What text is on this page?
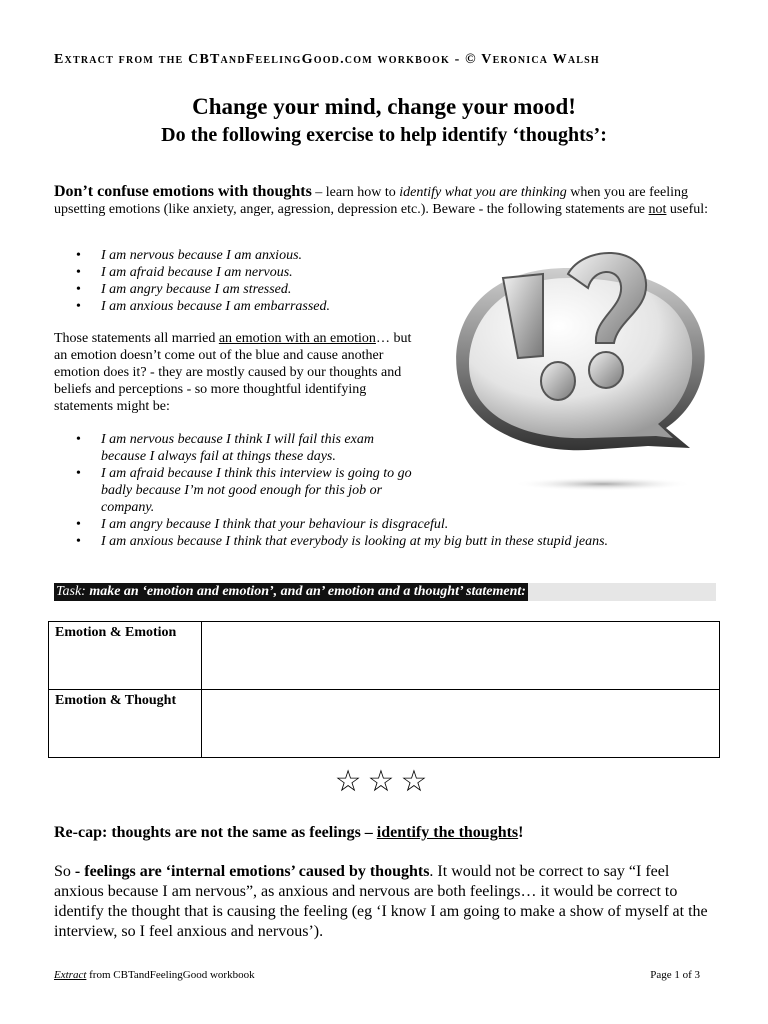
Extract from the CBTandFeelingGood.com workbook - © Veronica Walsh
Change your mind, change your mood!
Do the following exercise to help identify ‘thoughts’:
Don’t confuse emotions with thoughts – learn how to identify what you are thinking when you are feeling upsetting emotions (like anxiety, anger, agression, depression etc.). Beware - the following statements are not useful:
• I am nervous because I am anxious.
• I am afraid because I am nervous.
• I am angry because I am stressed.
• I am anxious because I am embarrassed.
Those statements all married an emotion with an emotion… but an emotion doesn’t come out of the blue and cause another emotion does it? - they are mostly caused by our thoughts and beliefs and perceptions - so more thoughtful identifying statements might be:
• I am nervous because I think I will fail this exam because I always fail at things these days.
• I am afraid because I think this interview is going to go badly because I’m not good enough for this job or company.
• I am angry because I think that your behaviour is disgraceful.
• I am anxious because I think that everybody is looking at my big butt in these stupid jeans.
Task: make an ‘emotion and emotion’, and an’ emotion and a thought’ statement:
Emotion & Emotion	
Emotion & Thought	
☆☆☆
Re-cap: thoughts are not the same as feelings – identify the thoughts!
So - feelings are ‘internal emotions’ caused by thoughts. It would not be correct to say “I feel anxious because I am nervous”, as anxious and nervous are both feelings… it would be correct to identify the thought that is causing the feeling (eg ‘I know I am going to make a show of myself at the interview, so I feel anxious and nervous’).
Extract from CBTandFeelingGood workbook	Page 1 of 3
